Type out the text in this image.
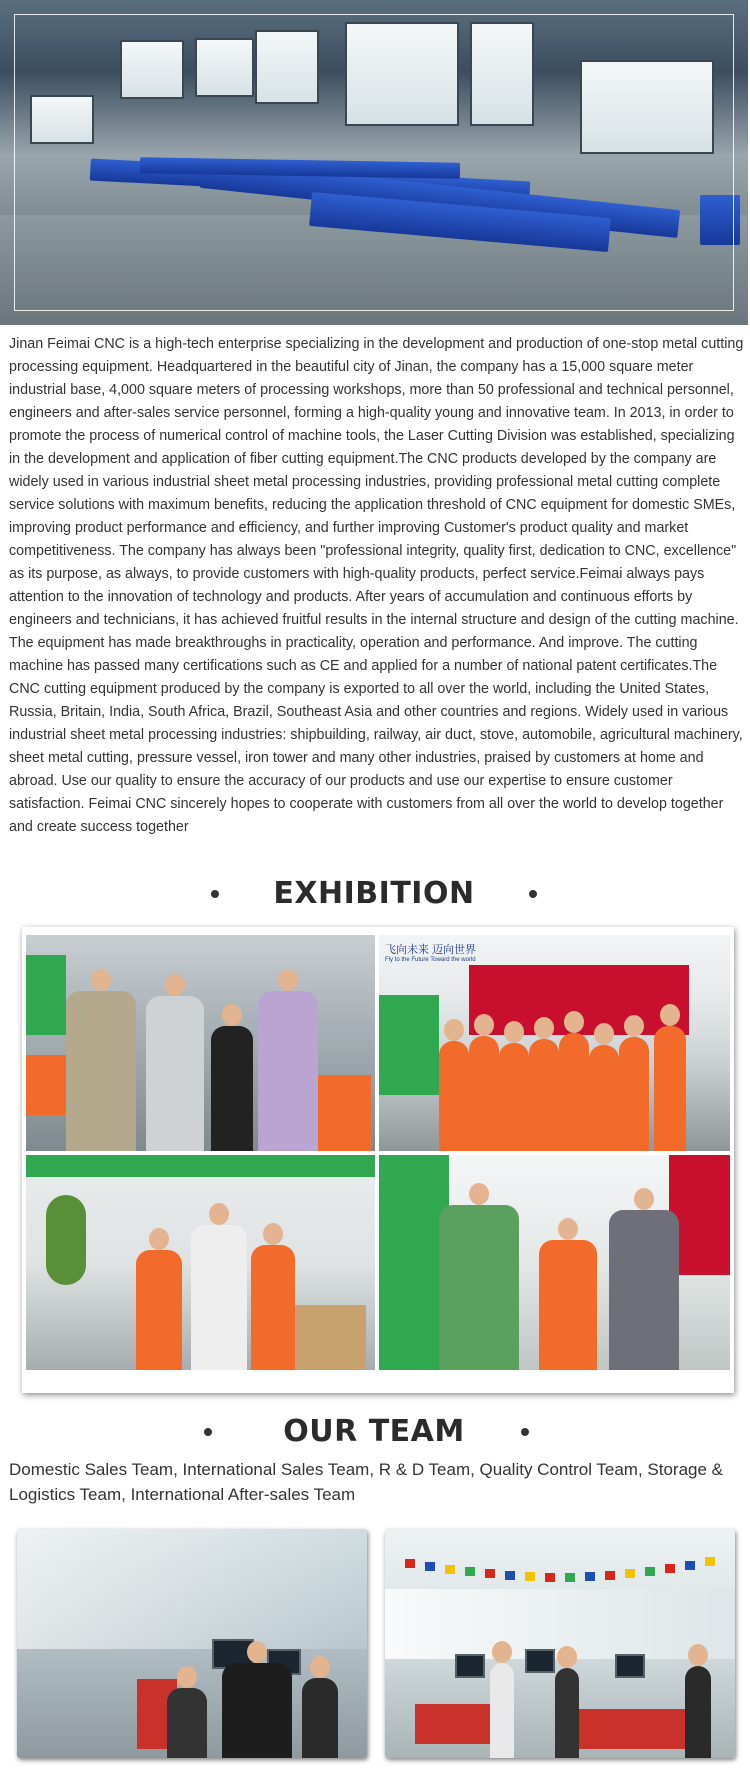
Jinan Feimai CNC is a high-tech enterprise specializing in the development and production of one-stop metal cutting processing equipment. Headquartered in the beautiful city of Jinan, the company has a 15,000 square meter industrial base, 4,000 square meters of processing workshops, more than 50 professional and technical personnel, engineers and after-sales service personnel, forming a high-quality young and innovative team. In 2013, in order to promote the process of numerical control of machine tools, the Laser Cutting Division was established, specializing in the development and application of fiber cutting equipment.The CNC products developed by the company are widely used in various industrial sheet metal processing industries, providing professional metal cutting complete service solutions with maximum benefits, reducing the application threshold of CNC equipment for domestic SMEs, improving product performance and efficiency, and further improving Customer's product quality and market competitiveness. The company has always been "professional integrity, quality first, dedication to CNC, excellence" as its purpose, as always, to provide customers with high-quality products, perfect service.Feimai always pays attention to the innovation of technology and products. After years of accumulation and continuous efforts by engineers and technicians, it has achieved fruitful results in the internal structure and design of the cutting machine. The equipment has made breakthroughs in practicality, operation and performance. And improve. The cutting machine has passed many certifications such as CE and applied for a number of national patent certificates.The CNC cutting equipment produced by the company is exported to all over the world, including the United States, Russia, Britain, India, South Africa, Brazil, Southeast Asia and other countries and regions. Widely used in various industrial sheet metal processing industries: shipbuilding, railway, air duct, stove, automobile, agricultural machinery, sheet metal cutting, pressure vessel, iron tower and many other industries, praised by customers at home and abroad. Use our quality to ensure the accuracy of our products and use our expertise to ensure customer satisfaction. Feimai CNC sincerely hopes to cooperate with customers from all over the world to develop together and create success together

EXHIBITION
飞向未来 迈向世界
Fly to the Future Toward the world
OUR TEAM

Domestic Sales Team, International Sales Team, R & D Team, Quality Control Team, Storage & Logistics Team, International After-sales Team
